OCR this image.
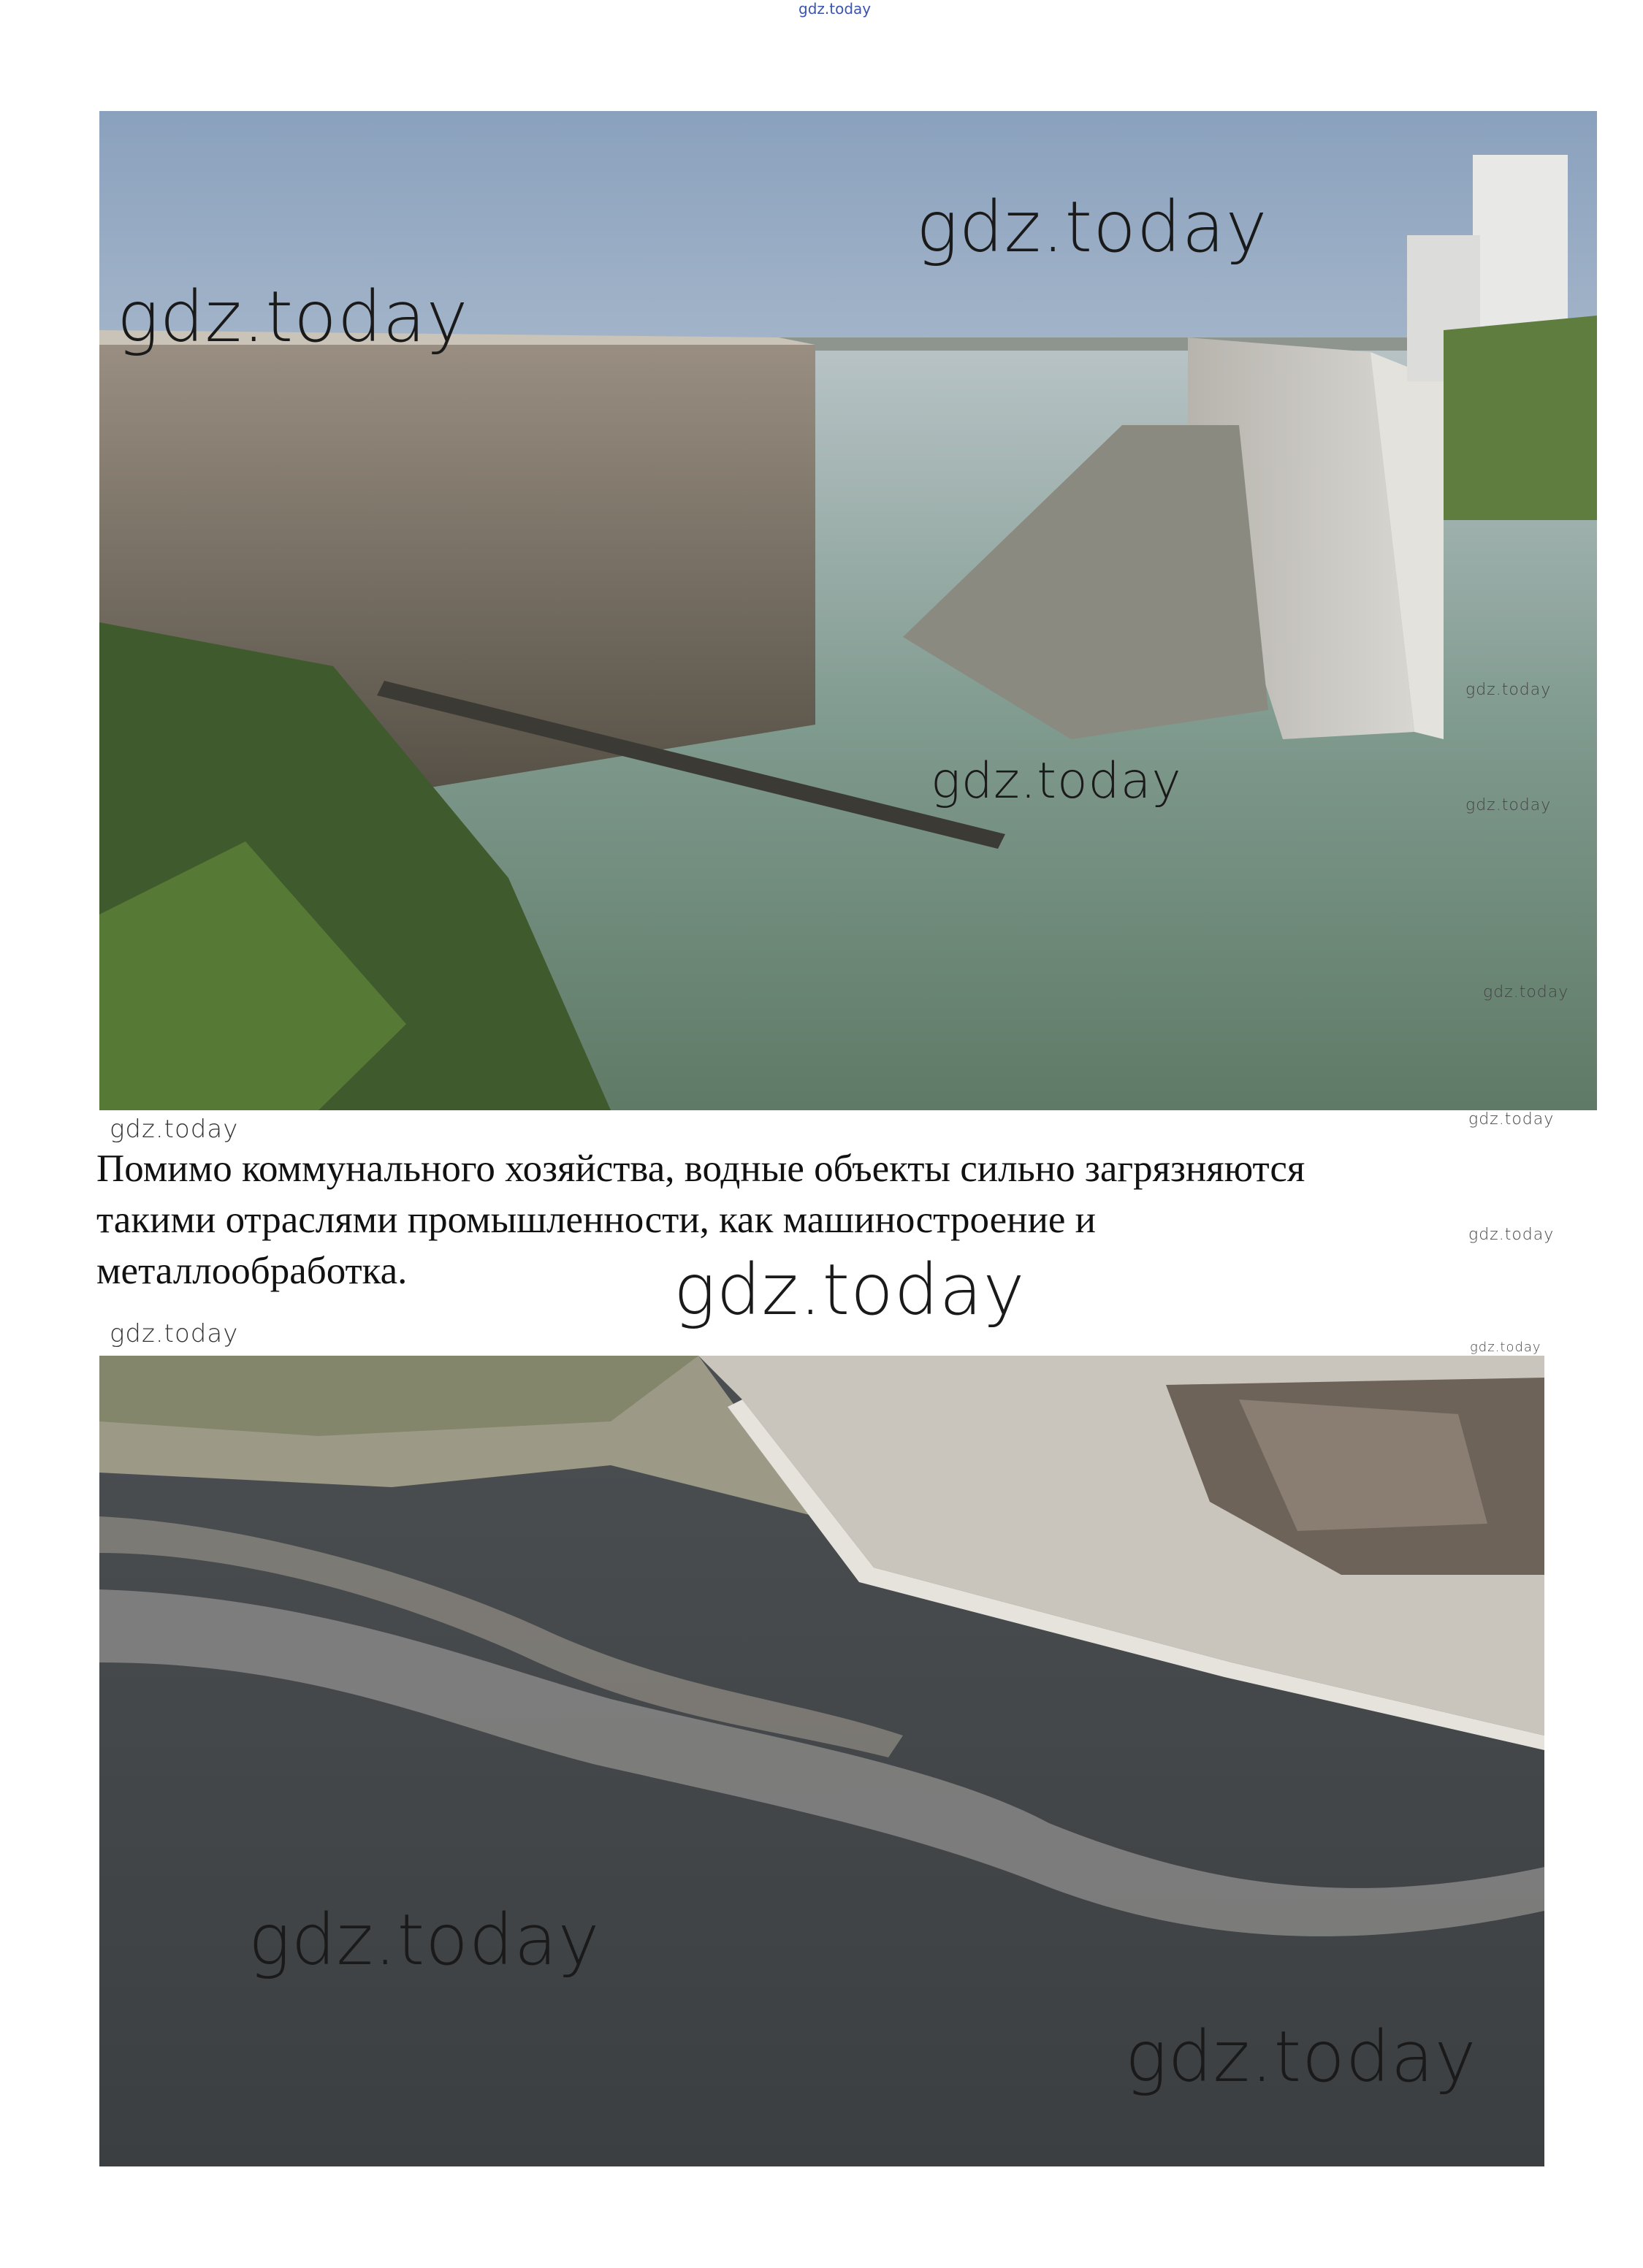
gdz.today
gdz.today
gdz.today
gdz.today
gdz.today
gdz.today
gdz.today
gdz.today
gdz.today
Помимо коммунального хозяйства, водные объекты сильно загрязняются
такими отраслями промышленности, как машиностроение и
металлообработка.
gdz.today
gdz.today
gdz.today	gdz.today
gdz.today
gdz.today
